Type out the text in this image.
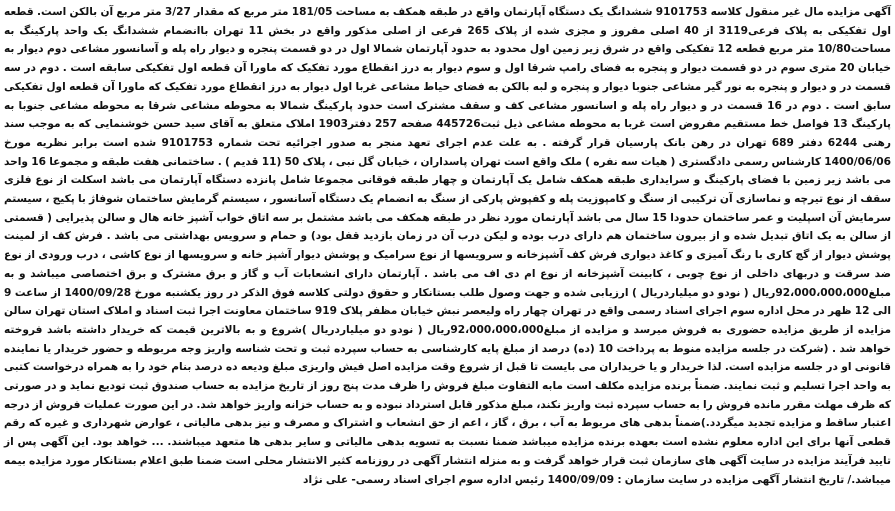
آگهی مزایده مال غیر منقول کلاسه 9101753 ششدانگ یک دستگاه آپارتمان واقع در طبقه همکف به مساحت 181/05 متر مربع که مقدار 3/27 متر مربع آن بالکن است. قطعه اول تفکیکی به پلاک فرعی3119 از 40 اصلی مفروز و مجزی شده از پلاک 265 فرعی از اصلی مذکور واقع در بخش 11 تهران باانضمام ششدانگ یک واحد پارکینگ به مساحت10/80 متر مربع قطعه 12 تفکیکی واقع در شرق زیر زمین اول محدود به حدود آپارتمان شمالا اول در دو قسمت پنجره و دیوار راه پله و آسانسور مشاعی دوم دیوار به خیابان 20 متری سوم در دو قسمت دیوار و پنجره به فضای رامپ شرقا اول و سوم دیوار به درز انقطاع مورد تفکیک که ماورا آن قطعه اول تفکیکی سابقه است . دوم در سه قسمت در و دیوار و پنجره به نور گیر مشاعی جنوبا دیوار و پنجره و لبه بالکن به فضای حیاط مشاعی غربا اول دیوار به درز انقطاع مورد تفکیک که ماورا آن قطعه اول تفکیکی سابق است . دوم در 16 قسمت در و دیوار راه پله و اسانسور مشاعی کف و سقف مشترک است حدود پارکینگ شمالا به محوطه مشاعی شرقا به محوطه مشاعی جنوبا به پارکینگ 13 فواصل خط مستقیم مفروض است غربا به محوطه مشاعی ذیل ثبت445726 صفحه 257 دفتر1903 املاک متعلق به آقای سید حسن خوشنمایی که به موجب سند رهنی 6244 دفتر 689 تهران در رهن بانک پارسیان قرار گرفته . به علت عدم اجرای تعهد منجر به صدور اجرائیه تحت شماره 9101753 شده است برابر نظریه مورخ 1400/06/06 کارشناس رسمی دادگستری ( هیات سه نفره ) ملک واقع است تهران پاسداران ، خیابان گل نبی ، پلاک 50 (11 قدیم ) . ساختمانی هفت طبقه و مجموعا 16 واحد می باشد زیر زمین با فضای پارکینگ و سرایداری طبقه همکف شامل یک آپارتمان و چهار طبقه فوقانی مجموعا شامل پانزده دستگاه آپارتمان می باشد اسکلت از نوع فلزی سقف از نوع تیرچه و نماسازی آن ترکیبی از سنگ و کامپوزیت پله و کفپوش پارکی از سنگ به انضمام یک دستگاه آسانسور ، سیستم گرمایش ساختمان شوفاژ با پکیج ، سیستم سرمایش آن اسپلیت و عمر ساختمان حدودا 15 سال می باشد آپارتمان مورد نظر در طبقه همکف می باشد مشتمل بر سه اتاق خواب آشپز خانه هال و سالن پذیرایی ( قسمتی از سالن به یک اتاق تبدیل شده و از بیرون ساختمان هم دارای درب بوده و لیکن درب آن در زمان بازدید قفل بود) و حمام و سرویس بهداشتی می باشد . فرش کف از لمینت پوشش دیوار از گچ کاری با رنگ آمیزی و کاغذ دیواری فرش کف آشپزخانه و سرویسها از نوع سرامیک و پوشش دیوار آشپز خانه و سرویسها از نوع کاشی ، درب ورودی از نوع ضد سرقت و دربهای داخلی از نوع چوبی ، کابینت آشپزخانه از نوع ام دی اف می باشد . آپارتمان دارای انشعابات آب و گاز و برق مشترک و برق اختصاصی میباشد و به مبلغ92،000،000،000ریال ( نودو دو میلیاردریال ) ارزیابی شده و جهت وصول طلب بستانکار و حقوق دولتی کلاسه فوق الذکر در روز یکشنبه مورخ 1400/09/28 از ساعت 9 الی 12 ظهر در محل اداره سوم اجرای اسناد رسمی واقع در تهران چهار راه ولیعصر نبش خیابان مظفر پلاک 919 ساختمان معاونت اجرا ثبت اسناد و املاک استان تهران سالن مزایده از طریق مزایده حضوری به فروش میرسد و مزایده از مبلغ92،000،000،000ریال ( نودو دو میلیاردریال )شروع و به بالاترین قیمت که خریدار داشته باشد فروخته خواهد شد . (شرکت در جلسه مزایده منوط به پرداخت 10 (ده) درصد از مبلغ پایه کارشناسی به حساب سپرده ثبت و تحت شناسه واریز وجه مربوطه و حضور خریدار یا نماینده قانونی او در جلسه مزایده است. لذا خریدار و یا خریداران می بایست تا قبل از شروع وقت مزایده اصل فیش واریزی مبلغ ودیعه ده درصد بنام خود را به همراه درخواست کتبی به واحد اجرا تسلیم و ثبت نمایند. ضمناً برنده مزایده مکلف است مابه التفاوت مبلغ فروش را ظرف مدت پنج روز از تاریخ مزایده به حساب صندوق ثبت تودیع نماید و در صورتی که ظرف مهلت مقرر مانده فروش را به حساب سپرده ثبت واریز نکند، مبلغ مذکور قابل استرداد نبوده و به حساب خزانه واریز خواهد شد. در این صورت عملیات فروش از درجه اعتبار ساقط و مزایده تجدید میگردد.)ضمناً بدهی های مربوط به آب ، برق ، گاز ، اعم از حق انشعاب و اشتراک و مصرف و نیز بدهی مالیاتی ، عوارض شهرداری و غیره که رقم قطعی آنها برای این اداره معلوم نشده است بعهده برنده مزایده میباشد ضمنا نسبت به تسویه بدهی مالیاتی و سایر بدهی ها متعهد میباشند. ... خواهد بود. این آگهی پس از تایید فرآیند مزایده در سایت آگهی های سازمان ثبت قرار خواهد گرفت و به منزله انتشار آگهی در روزنامه کثیر الانتشار محلی است ضمنا طبق اعلام بستانکار مورد مزایده بیمه میباشد./ تاریخ انتشار آگهی مزایده در سایت سازمان : 1400/09/09 رئیس اداره سوم اجرای اسناد رسمی- علی نژاد
